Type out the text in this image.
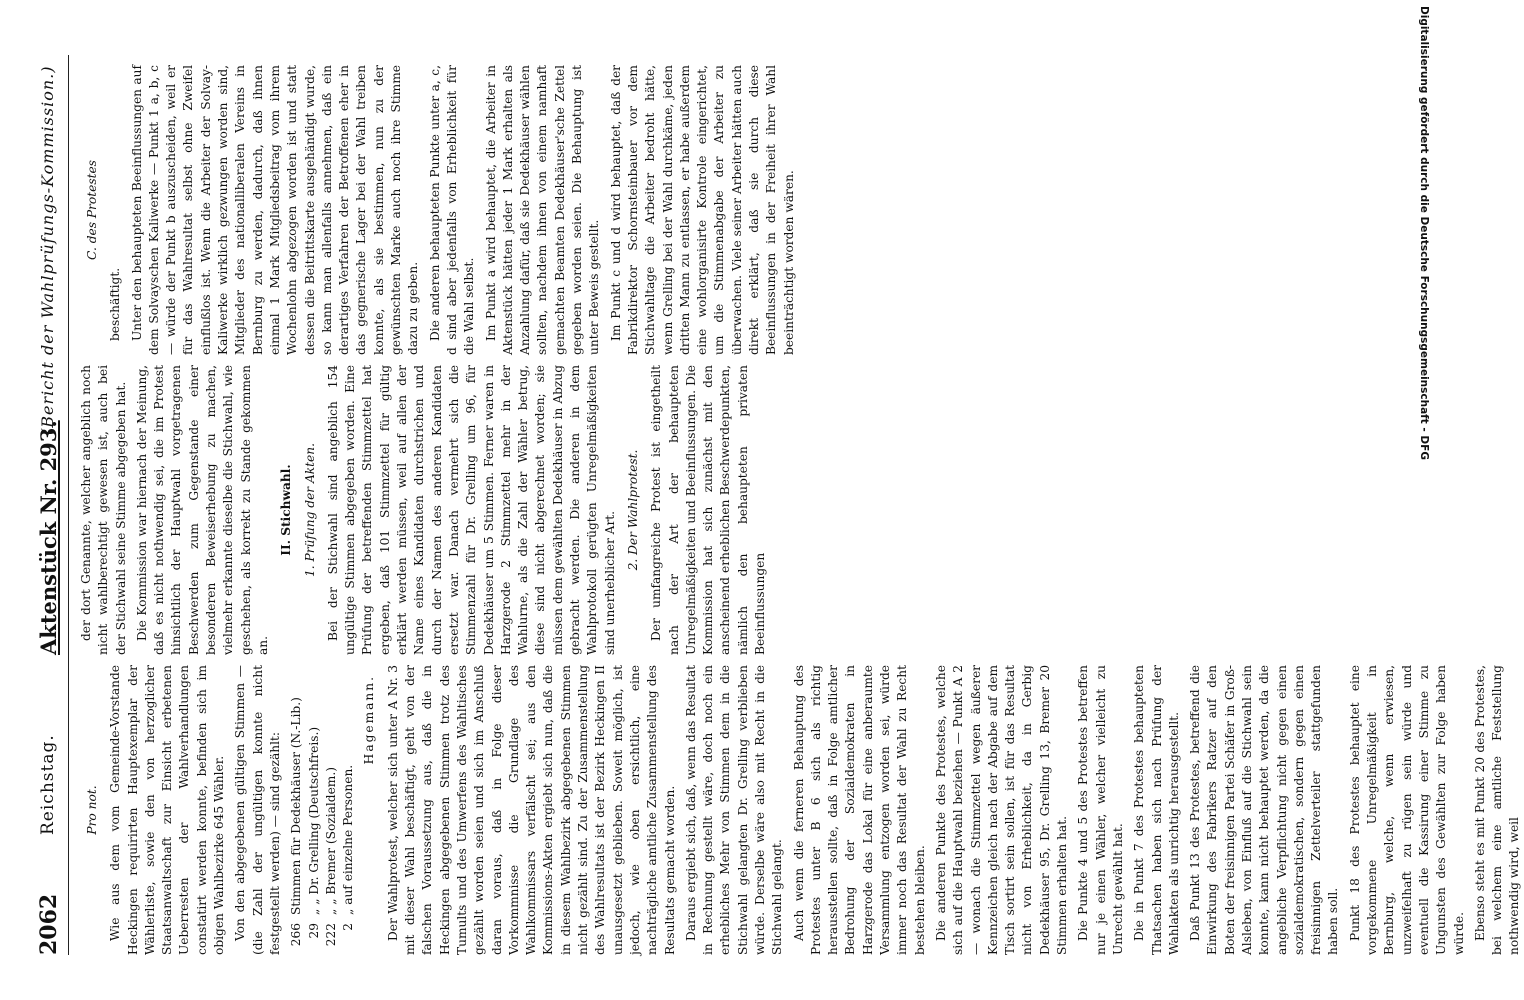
2062
Reichstag.
Aktenstück Nr. 293.
(Bericht der Wahlprüfungs-Kommission.)

Pro not. Wie aus dem vom Gemeinde-Vorstande Heckingen requirirten Hauptexemplar der Wählerliste, sowie den von herzoglicher Staatsanwaltschaft zur Einsicht erbetenen Ueberresten der Wahlverhandlungen constatirt werden konnte, befinden sich im obigen Wahlbezirke 645 Wähler. Von den abgegebenen gültigen Stimmen — (die Zahl der ungültigen konnte nicht festgestellt werden) — sind gezählt: 266
Stimmen für Dedekhäuser (N.-Lib.)
29
„ „ Dr. Grelling (Deutschfreis.)
222
„ „ Bremer (Sozialdem.)
2
„ auf einzelne Personen.

Hagemann. Der Wahlprotest, welcher sich unter A Nr. 3 mit dieser Wahl beschäftigt, geht von der falschen Voraussetzung aus, daß die in Heckingen abgegebenen Stimmen trotz des Tumults und des Umwerfens des Wahltisches gezählt worden seien und sich im Anschluß daran voraus, daß in Folge dieser Vorkommnisse die Grundlage des Wahlkommissars verfälscht sei; aus den Kommissions-Akten ergiebt sich nun, daß die in diesem Wahlbezirk abgegebenen Stimmen nicht gezählt sind. Zu der Zusammenstellung des Wahlresultats ist der Bezirk Heckingen II unausgesetzt geblieben. Soweit möglich, ist jedoch, wie oben ersichtlich, eine nachträgliche amtliche Zusammenstellung des Resultats gemacht worden. Daraus ergiebt sich, daß, wenn das Resultat in Rechnung gestellt wäre, doch noch ein erhebliches Mehr von Stimmen dem in die Stichwahl gelangten Dr. Grelling verblieben würde. Derselbe wäre also mit Recht in die Stichwahl gelangt. Auch wenn die ferneren Behauptung des Protestes unter B 6 sich als richtig herausstellen sollte, daß in Folge amtlicher Bedrohung der Sozialdemokraten in Harzgerode das Lokal für eine anberaumte Versammlung entzogen worden sei, würde immer noch das Resultat der Wahl zu Recht bestehen bleiben. Die anderen Punkte des Protestes, welche sich auf die Hauptwahl beziehen — Punkt A 2 — wonach die Stimmzettel wegen äußerer Kennzeichen gleich nach der Abgabe auf dem Tisch sortirt sein sollen, ist für das Resultat nicht von Erheblichkeit, da in Gerbig Dedekhäuser 95, Dr. Grelling 13, Bremer 20 Stimmen erhalten hat. Die Punkte 4 und 5 des Protestes betreffen nur je einen Wähler, welcher vielleicht zu Unrecht gewählt hat. Die in Punkt 7 des Protestes behaupteten Thatsachen haben sich nach Prüfung der Wahlakten als unrichtig herausgestellt. Daß Punkt 13 des Protestes, betreffend die Einwirkung des Fabrikers Ratzer auf den Boten der freisinnigen Partei Schäfer in Groß-Alsleben, von Einfluß auf die Stichwahl sein konnte, kann nicht behauptet werden, da die angebliche Verpflichtung nicht gegen einen sozialdemokratischen, sondern gegen einen freisinnigen Zettelverteiler stattgefunden haben soll. Punkt 18 des Protestes behauptet eine vorgekommene Unregelmäßigkeit in Bernburg, welche, wenn erwiesen, unzweifelhaft zu rügen sein würde und eventuell die Kassirung einer Stimme zu Ungunsten des Gewählten zur Folge haben würde. Ebenso steht es mit Punkt 20 des Protestes, bei welchem eine amtliche Feststellung nothwendig wird, weil

der dort Genannte, welcher angeblich noch nicht wahlberechtigt gewesen ist, auch bei der Stichwahl seine Stimme abgegeben hat. Die Kommission war hiernach der Meinung, daß es nicht nothwendig sei, die im Protest hinsichtlich der Hauptwahl vorgetragenen Beschwerden zum Gegenstande einer besonderen Beweiserhebung zu machen, vielmehr erkannte dieselbe die Stichwahl, wie geschehen, als korrekt zu Stande gekommen an.

II. Stichwahl. 1. Prüfung der Akten. Bei der Stichwahl sind angeblich 154 ungültige Stimmen abgegeben worden. Eine Prüfung der betreffenden Stimmzettel hat ergeben, daß 101 Stimmzettel für gültig erklärt werden müssen, weil auf allen der Name eines Kandidaten durchstrichen und durch der Namen des anderen Kandidaten ersetzt war. Danach vermehrt sich die Stimmenzahl für Dr. Grelling um 96, für Dedekhäuser um 5 Stimmen. Ferner waren in Harzgerode 2 Stimmzettel mehr in der Wahlurne, als die Zahl der Wähler betrug, diese sind nicht abgerechnet worden; sie müssen dem gewählten Dedekhäuser in Abzug gebracht werden. Die anderen in dem Wahlprotokoll gerügten Unregelmäßigkeiten sind unerheblicher Art.

2. Der Wahlprotest. Der umfangreiche Protest ist eingetheilt nach der Art der behaupteten Unregelmäßigkeiten und Beeinflussungen. Die Kommission hat sich zunächst mit den anscheinend erheblichen Beschwerdepunkten, nämlich den behaupteten privaten Beeinflussungen

C. des Protestes

beschäftigt. Unter den behaupteten Beeinflussungen auf dem Solvayschen Kaliwerke — Punkt 1 a, b, c — würde der Punkt b auszuscheiden, weil er für das Wahlresultat selbst ohne Zweifel einflußlos ist. Wenn die Arbeiter der Solvay-Kaliwerke wirklich gezwungen worden sind, Mitglieder des nationalliberalen Vereins in Bernburg zu werden, dadurch, daß ihnen einmal 1 Mark Mitgliedsbeitrag vom ihrem Wochenlohn abgezogen worden ist und statt dessen die Beitrittskarte ausgehändigt wurde, so kann man allenfalls annehmen, daß ein derartiges Verfahren der Betroffenen eher in das gegnerische Lager bei der Wahl treiben konnte, als sie bestimmen, nun zu der gewünschten Marke auch noch ihre Stimme dazu zu geben. Die anderen behaupteten Punkte unter a, c, d sind aber jedenfalls von Erheblichkeit für die Wahl selbst. Im Punkt a wird behauptet, die Arbeiter in Aktenstück hätten jeder 1 Mark erhalten als Anzahlung dafür, daß sie Dedekhäuser wählen sollten, nachdem ihnen von einem namhaft gemachten Beamten Dedekhäuser'sche Zettel gegeben worden seien. Die Behauptung ist unter Beweis gestellt. Im Punkt c und d wird behauptet, daß der Fabrikdirektor Schornsteinbauer vor dem Stichwahltage die Arbeiter bedroht hätte, wenn Grelling bei der Wahl durchkäme, jeden dritten Mann zu entlassen, er habe außerdem eine wohlorganisirte Kontrole eingerichtet, um die Stimmenabgabe der Arbeiter zu überwachen. Viele seiner Arbeiter hätten auch direkt erklärt, daß sie durch diese Beeinflussungen in der Freiheit ihrer Wahl beeinträchtigt worden wären.	Digitalisierung gefördert durch die Deutsche Forschungsgemeinschaft - DFG
